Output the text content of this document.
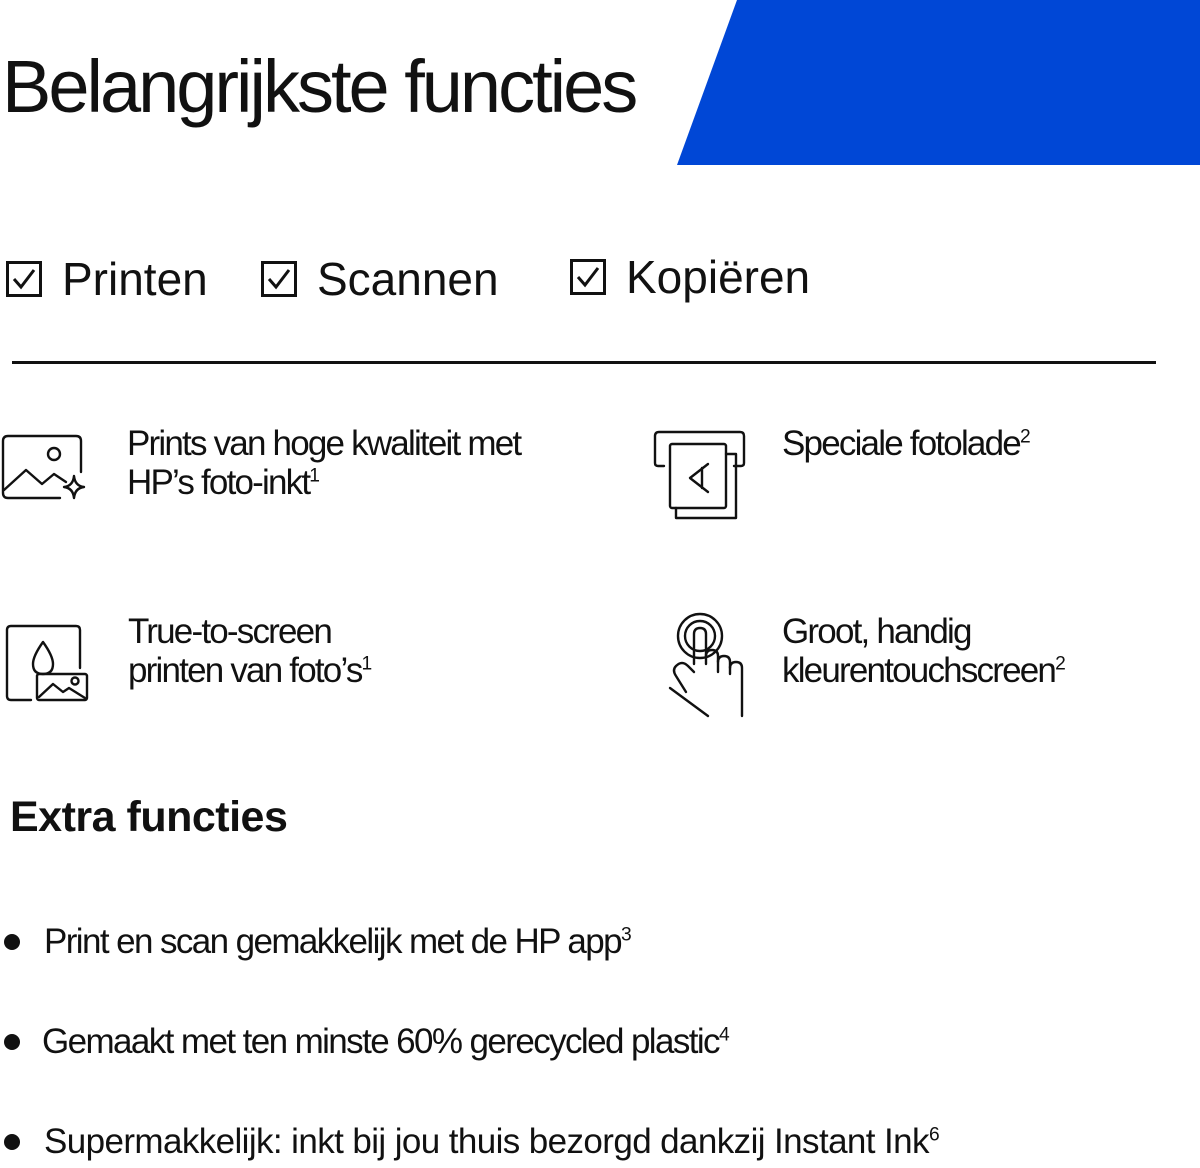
Belangrijkste functies
Printen Scannen	Kopiëren
Prints van hoge kwaliteit met
HP’s foto-inkt$^1$
Speciale fotolade$^2$
True-to-screen
printen van $foto’s^1$
Groot, handig
kleurentouchscreen$^2$
Extra functies
Print en scan gemakkelijk met de HP app$^3$
Gemaakt met ten minste 60% gerecycled plastic$^4$
Supermakkelijk: inkt bij jou thuis bezorgd dankzij Instant Ink$^6$
